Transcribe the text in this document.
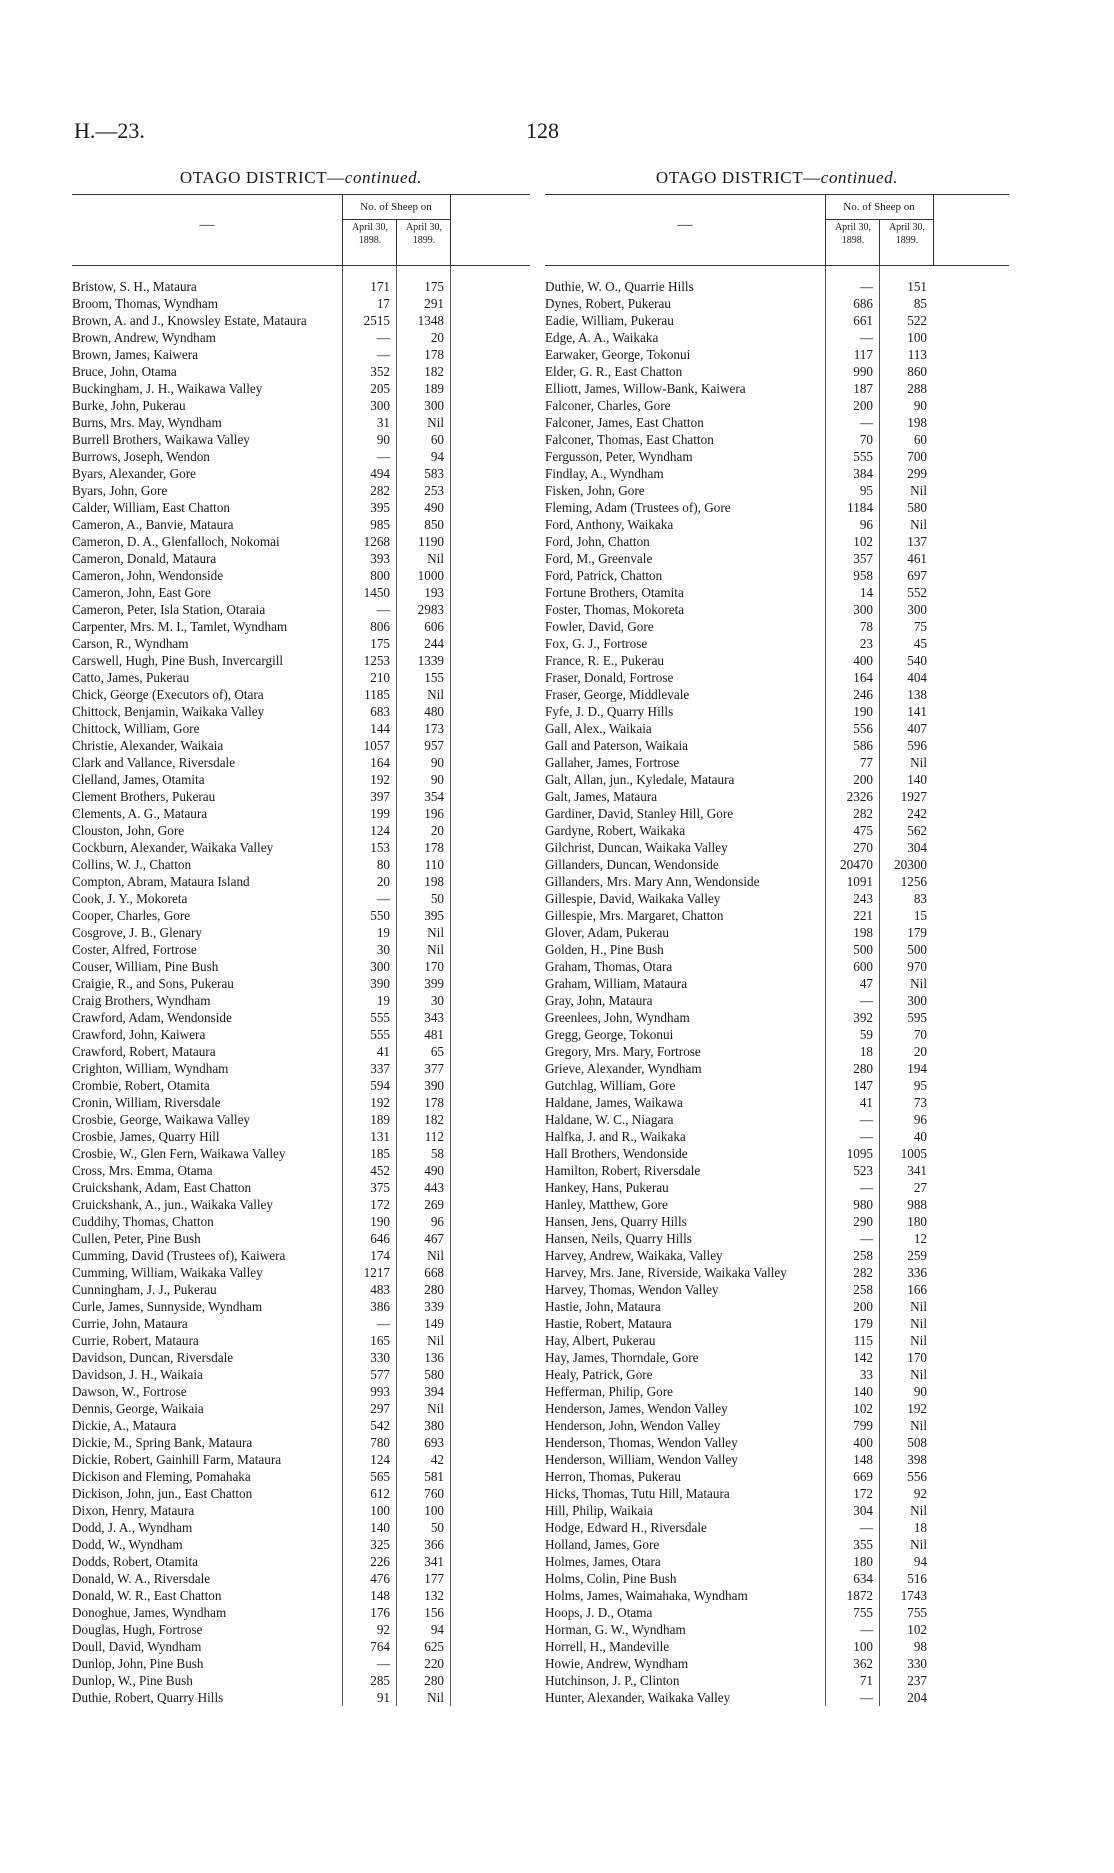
H.—23.	128
OTAGO DISTRICT—continued.
—
No. of Sheep on
April 30, 1898.
April 30, 1899.
Bristow, S. H., Mataura	171	175
Broom, Thomas, Wyndham	17	291
Brown, A. and J., Knowsley Estate, Mataura	2515	1348
Brown, Andrew, Wyndham	—	20
Brown, James, Kaiwera	—	178
Bruce, John, Otama	352	182
Buckingham, J. H., Waikawa Valley	205	189
Burke, John, Pukerau	300	300
Burns, Mrs. May, Wyndham	31	Nil
Burrell Brothers, Waikawa Valley	90	60
Burrows, Joseph, Wendon	—	94
Byars, Alexander, Gore	494	583
Byars, John, Gore	282	253
Calder, William, East Chatton	395	490
Cameron, A., Banvie, Mataura	985	850
Cameron, D. A., Glenfalloch, Nokomai	1268	1190
Cameron, Donald, Mataura	393	Nil
Cameron, John, Wendonside	800	1000
Cameron, John, East Gore	1450	193
Cameron, Peter, Isla Station, Otaraia	—	2983
Carpenter, Mrs. M. I., Tamlet, Wyndham	806	606
Carson, R., Wyndham	175	244
Carswell, Hugh, Pine Bush, Invercargill	1253	1339
Catto, James, Pukerau	210	155
Chick, George (Executors of), Otara	1185	Nil
Chittock, Benjamin, Waikaka Valley	683	480
Chittock, William, Gore	144	173
Christie, Alexander, Waikaia	1057	957
Clark and Vallance, Riversdale	164	90
Clelland, James, Otamita	192	90
Clement Brothers, Pukerau	397	354
Clements, A. G., Mataura	199	196
Clouston, John, Gore	124	20
Cockburn, Alexander, Waikaka Valley	153	178
Collins, W. J., Chatton	80	110
Compton, Abram, Mataura Island	20	198
Cook, J. Y., Mokoreta	—	50
Cooper, Charles, Gore	550	395
Cosgrove, J. B., Glenary	19	Nil
Coster, Alfred, Fortrose	30	Nil
Couser, William, Pine Bush	300	170
Craigie, R., and Sons, Pukerau	390	399
Craig Brothers, Wyndham	19	30
Crawford, Adam, Wendonside	555	343
Crawford, John, Kaiwera	555	481
Crawford, Robert, Mataura	41	65
Crighton, William, Wyndham	337	377
Crombie, Robert, Otamita	594	390
Cronin, William, Riversdale	192	178
Crosbie, George, Waikawa Valley	189	182
Crosbie, James, Quarry Hill	131	112
Crosbie, W., Glen Fern, Waikawa Valley	185	58
Cross, Mrs. Emma, Otama	452	490
Cruickshank, Adam, East Chatton	375	443
Cruickshank, A., jun., Waikaka Valley	172	269
Cuddihy, Thomas, Chatton	190	96
Cullen, Peter, Pine Bush	646	467
Cumming, David (Trustees of), Kaiwera	174	Nil
Cumming, William, Waikaka Valley	1217	668
Cunningham, J. J., Pukerau	483	280
Curle, James, Sunnyside, Wyndham	386	339
Currie, John, Mataura	—	149
Currie, Robert, Mataura	165	Nil
Davidson, Duncan, Riversdale	330	136
Davidson, J. H., Waikaia	577	580
Dawson, W., Fortrose	993	394
Dennis, George, Waikaia	297	Nil
Dickie, A., Mataura	542	380
Dickie, M., Spring Bank, Mataura	780	693
Dickie, Robert, Gainhill Farm, Mataura	124	42
Dickison and Fleming, Pomahaka	565	581
Dickison, John, jun., East Chatton	612	760
Dixon, Henry, Mataura	100	100
Dodd, J. A., Wyndham	140	50
Dodd, W., Wyndham	325	366
Dodds, Robert, Otamita	226	341
Donald, W. A., Riversdale	476	177
Donald, W. R., East Chatton	148	132
Donoghue, James, Wyndham	176	156
Douglas, Hugh, Fortrose	92	94
Doull, David, Wyndham	764	625
Dunlop, John, Pine Bush	—	220
Dunlop, W., Pine Bush	285	280
Duthie, Robert, Quarry Hills	91	Nil
OTAGO DISTRICT—continued.
—
No. of Sheep on
April 30, 1898.
April 30, 1899.
Duthie, W. O., Quarrie Hills	—	151
Dynes, Robert, Pukerau	686	85
Eadie, William, Pukerau	661	522
Edge, A. A., Waikaka	—	100
Earwaker, George, Tokonui	117	113
Elder, G. R., East Chatton	990	860
Elliott, James, Willow-Bank, Kaiwera	187	288
Falconer, Charles, Gore	200	90
Falconer, James, East Chatton	—	198
Falconer, Thomas, East Chatton	70	60
Fergusson, Peter, Wyndham	555	700
Findlay, A., Wyndham	384	299
Fisken, John, Gore	95	Nil
Fleming, Adam (Trustees of), Gore	1184	580
Ford, Anthony, Waikaka	96	Nil
Ford, John, Chatton	102	137
Ford, M., Greenvale	357	461
Ford, Patrick, Chatton	958	697
Fortune Brothers, Otamita	14	552
Foster, Thomas, Mokoreta	300	300
Fowler, David, Gore	78	75
Fox, G. J., Fortrose	23	45
France, R. E., Pukerau	400	540
Fraser, Donald, Fortrose	164	404
Fraser, George, Middlevale	246	138
Fyfe, J. D., Quarry Hills	190	141
Gall, Alex., Waikaia	556	407
Gall and Paterson, Waikaia	586	596
Gallaher, James, Fortrose	77	Nil
Galt, Allan, jun., Kyledale, Mataura	200	140
Galt, James, Mataura	2326	1927
Gardiner, David, Stanley Hill, Gore	282	242
Gardyne, Robert, Waikaka	475	562
Gilchrist, Duncan, Waikaka Valley	270	304
Gillanders, Duncan, Wendonside	20470	20300
Gillanders, Mrs. Mary Ann, Wendonside	1091	1256
Gillespie, David, Waikaka Valley	243	83
Gillespie, Mrs. Margaret, Chatton	221	15
Glover, Adam, Pukerau	198	179
Golden, H., Pine Bush	500	500
Graham, Thomas, Otara	600	970
Graham, William, Mataura	47	Nil
Gray, John, Mataura	—	300
Greenlees, John, Wyndham	392	595
Gregg, George, Tokonui	59	70
Gregory, Mrs. Mary, Fortrose	18	20
Grieve, Alexander, Wyndham	280	194
Gutchlag, William, Gore	147	95
Haldane, James, Waikawa	41	73
Haldane, W. C., Niagara	—	96
Halfka, J. and R., Waikaka	—	40
Hall Brothers, Wendonside	1095	1005
Hamilton, Robert, Riversdale	523	341
Hankey, Hans, Pukerau	—	27
Hanley, Matthew, Gore	980	988
Hansen, Jens, Quarry Hills	290	180
Hansen, Neils, Quarry Hills	—	12
Harvey, Andrew, Waikaka, Valley	258	259
Harvey, Mrs. Jane, Riverside, Waikaka Valley	282	336
Harvey, Thomas, Wendon Valley	258	166
Hastie, John, Mataura	200	Nil
Hastie, Robert, Mataura	179	Nil
Hay, Albert, Pukerau	115	Nil
Hay, James, Thorndale, Gore	142	170
Healy, Patrick, Gore	33	Nil
Hefferman, Philip, Gore	140	90
Henderson, James, Wendon Valley	102	192
Henderson, John, Wendon Valley	799	Nil
Henderson, Thomas, Wendon Valley	400	508
Henderson, William, Wendon Valley	148	398
Herron, Thomas, Pukerau	669	556
Hicks, Thomas, Tutu Hill, Mataura	172	92
Hill, Philip, Waikaia	304	Nil
Hodge, Edward H., Riversdale	—	18
Holland, James, Gore	355	Nil
Holmes, James, Otara	180	94
Holms, Colin, Pine Bush	634	516
Holms, James, Waimahaka, Wyndham	1872	1743
Hoops, J. D., Otama	755	755
Horman, G. W., Wyndham	—	102
Horrell, H., Mandeville	100	98
Howie, Andrew, Wyndham	362	330
Hutchinson, J. P., Clinton	71	237
Hunter, Alexander, Waikaka Valley	—	204
